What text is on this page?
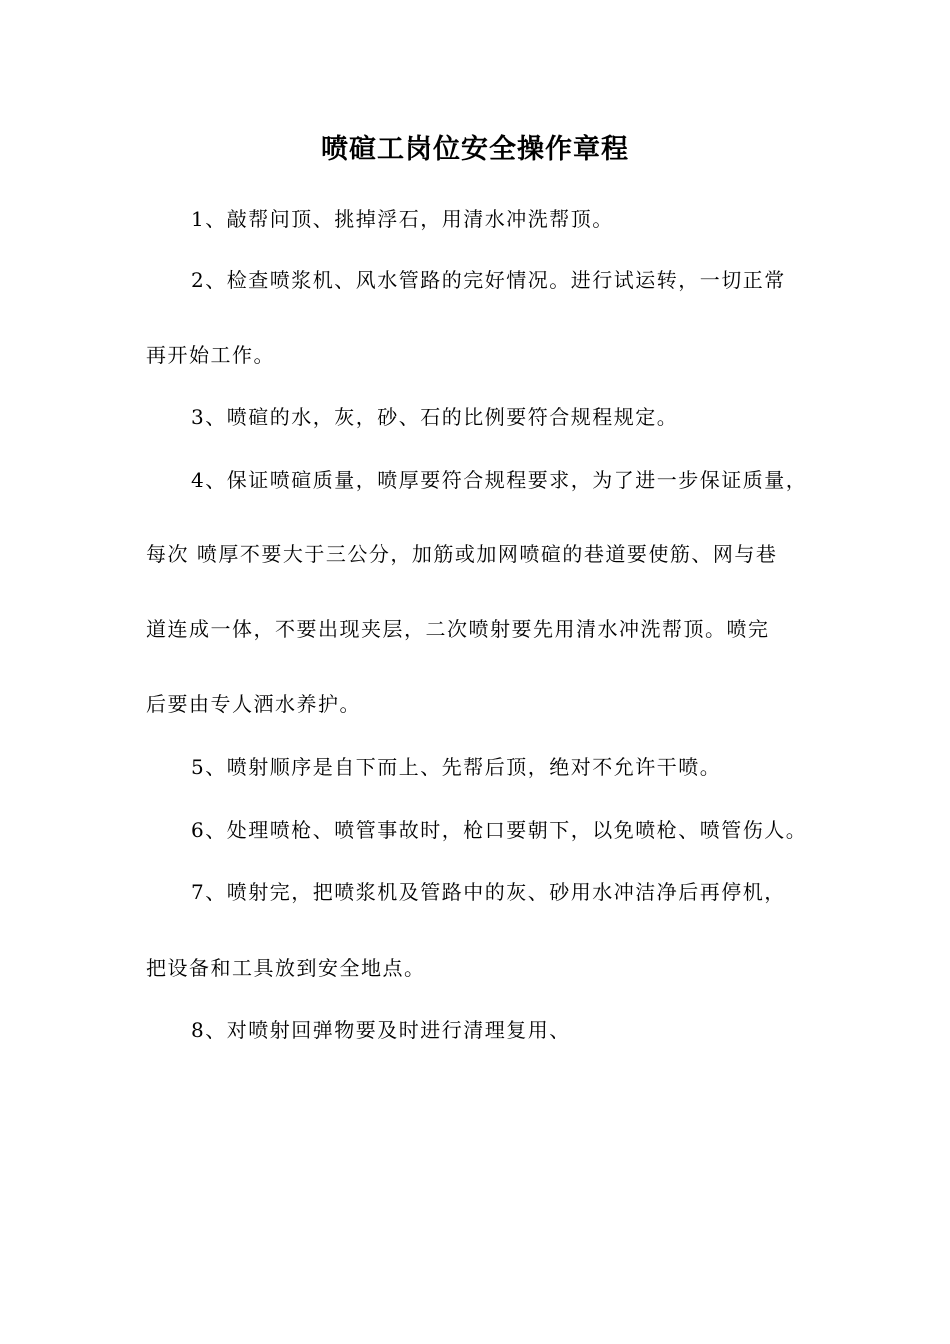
喷碹工岗位安全操作章程
1、敲帮问顶、挑掉浮石，用清水冲洗帮顶。
2、检查喷浆机、风水管路的完好情况。进行试运转，一切正常
再开始工作。
3、喷碹的水，灰，砂、石的比例要符合规程规定。
4、保证喷碹质量，喷厚要符合规程要求，为了进一步保证质量，
每次 喷厚不要大于三公分，加筋或加网喷碹的巷道要使筋、网与巷
道连成一体，不要出现夹层，二次喷射要先用清水冲洗帮顶。喷完
后要由专人洒水养护。
5、喷射顺序是自下而上、先帮后顶，绝对不允许干喷。
6、处理喷枪、喷管事故时，枪口要朝下，以免喷枪、喷管伤人。
7、喷射完，把喷浆机及管路中的灰、砂用水冲洁净后再停机，
把设备和工具放到安全地点。
8、对喷射回弹物要及时进行清理复用、
